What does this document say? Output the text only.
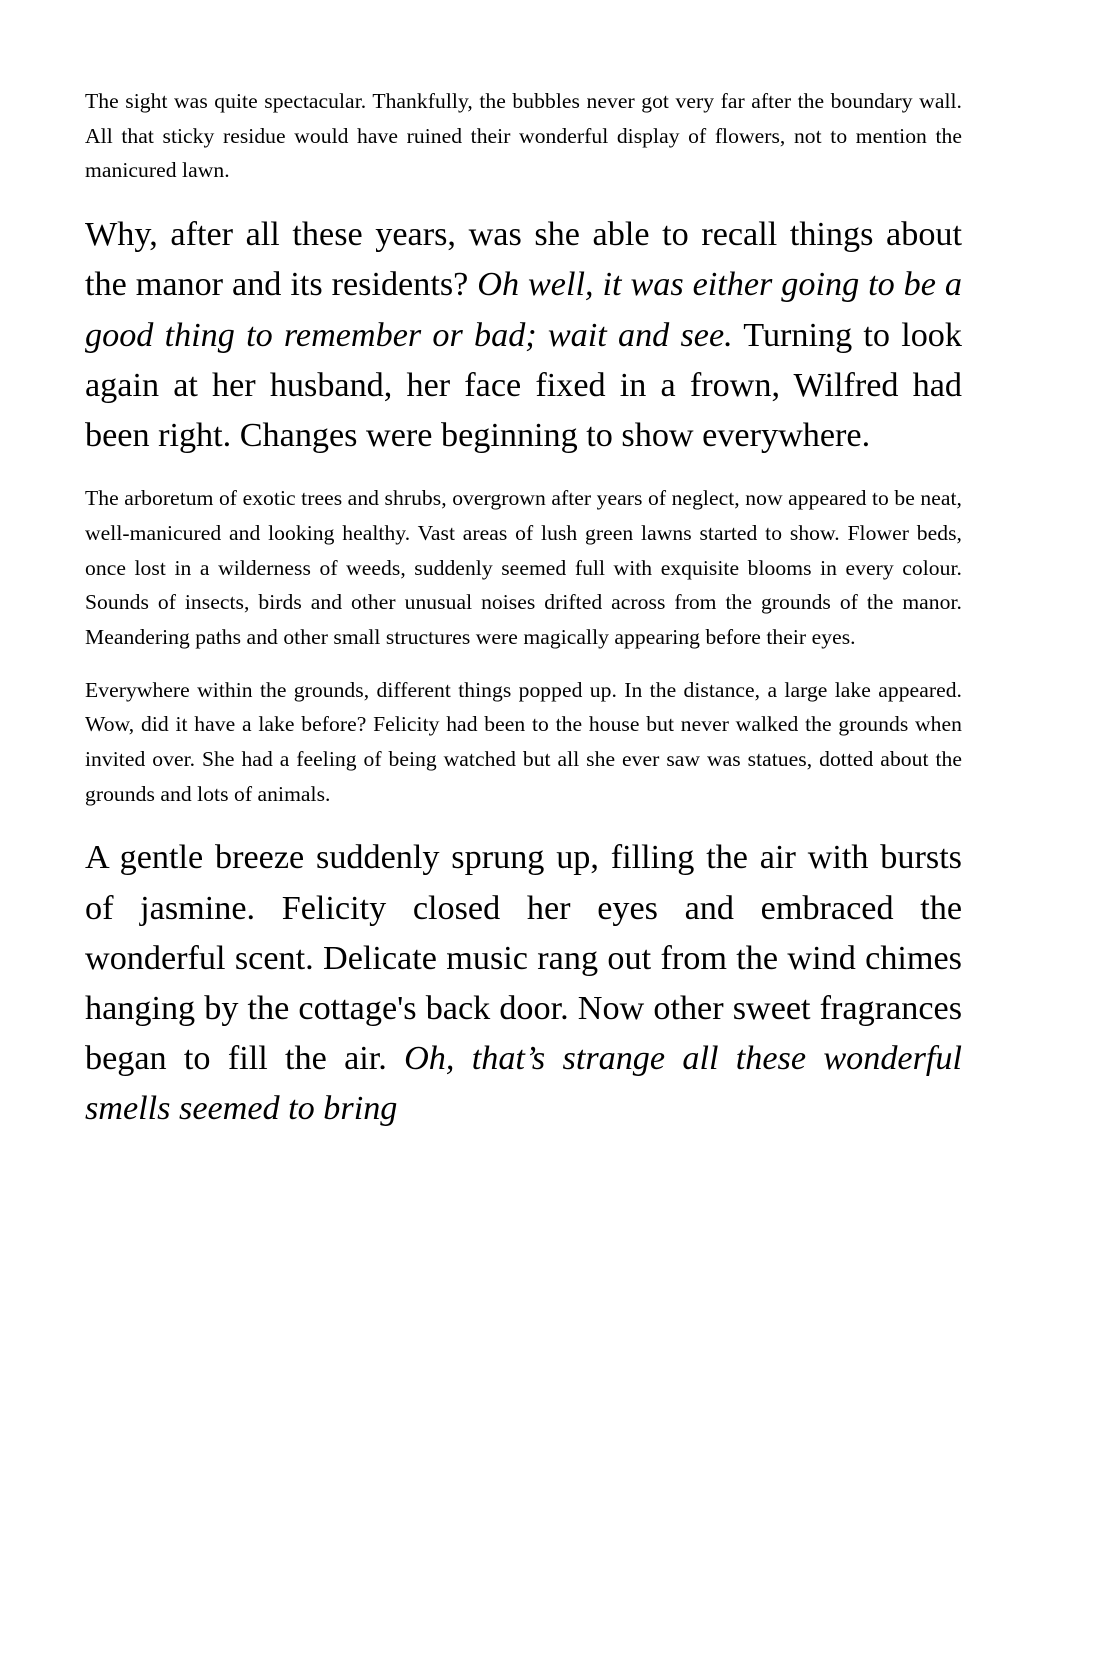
The sight was quite spectacular. Thankfully, the bubbles never got very far after the boundary wall. All that sticky residue would have ruined their wonderful display of flowers, not to mention the manicured lawn.

Why, after all these years, was she able to recall things about the manor and its residents? Oh well, it was either going to be a good thing to remember or bad; wait and see. Turning to look again at her husband, her face fixed in a frown, Wilfred had been right. Changes were beginning to show everywhere.

The arboretum of exotic trees and shrubs, overgrown after years of neglect, now appeared to be neat, well-manicured and looking healthy. Vast areas of lush green lawns started to show. Flower beds, once lost in a wilderness of weeds, suddenly seemed full with exquisite blooms in every colour. Sounds of insects, birds and other unusual noises drifted across from the grounds of the manor. Meandering paths and other small structures were magically appearing before their eyes.

Everywhere within the grounds, different things popped up. In the distance, a large lake appeared. Wow, did it have a lake before? Felicity had been to the house but never walked the grounds when invited over. She had a feeling of being watched but all she ever saw was statues, dotted about the grounds and lots of animals.

A gentle breeze suddenly sprung up, filling the air with bursts of jasmine. Felicity closed her eyes and embraced the wonderful scent. Delicate music rang out from the wind chimes hanging by the cottage's back door. Now other sweet fragrances began to fill the air. Oh, that’s strange all these wonderful smells seemed to bring
